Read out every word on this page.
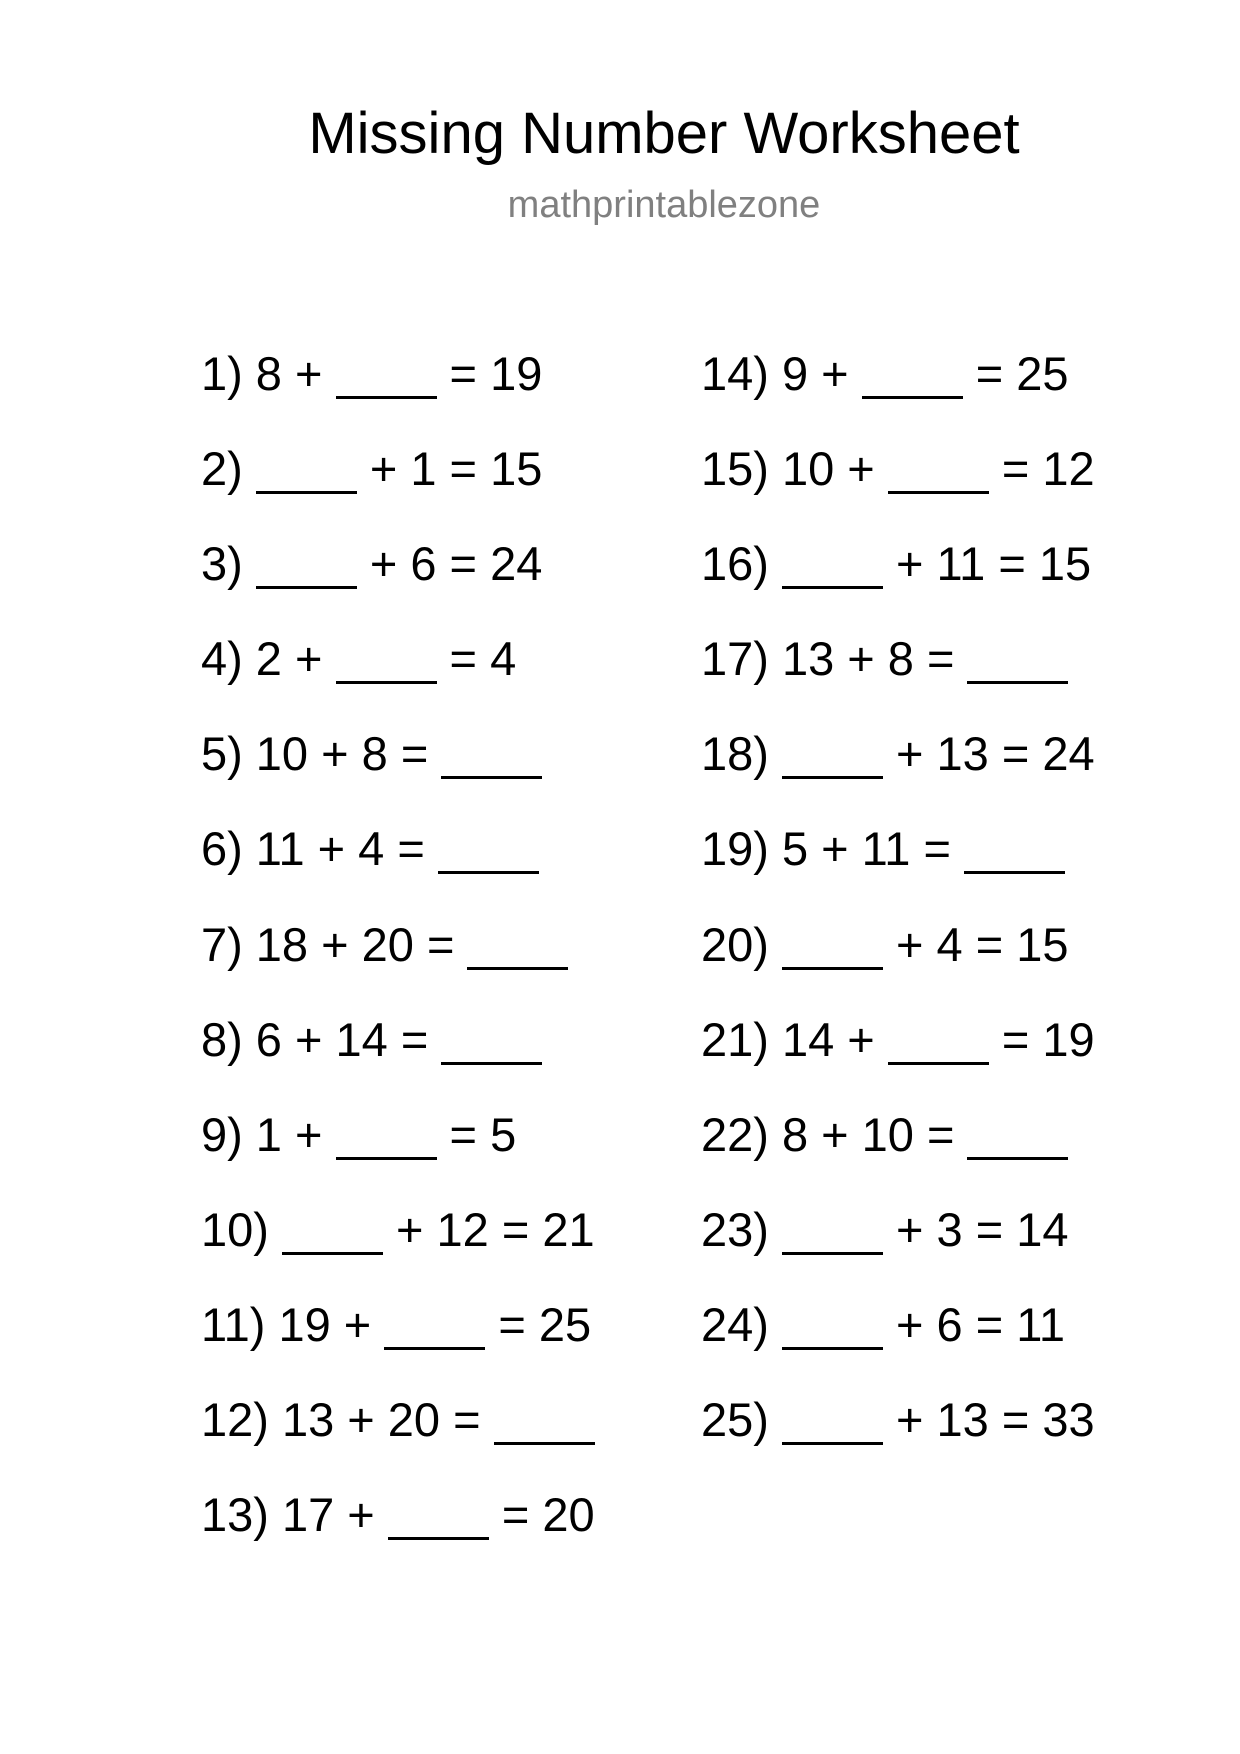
Missing Number Worksheet
mathprintablezone
1) 8 + = 19
2) + 1 = 15
3) + 6 = 24
4) 2 + = 4
5) 10 + 8 =
6) 11 + 4 =
7) 18 + 20 =
8) 6 + 14 =
9) 1 + = 5
10) + 12 = 21
11) 19 + = 25
12) 13 + 20 =
13) 17 + = 20
14) 9 + = 25
15) 10 + = 12
16) + 11 = 15
17) 13 + 8 =
18) + 13 = 24
19) 5 + 11 =
20) + 4 = 15
21) 14 + = 19
22) 8 + 10 =
23) + 3 = 14
24) + 6 = 11
25) + 13 = 33
